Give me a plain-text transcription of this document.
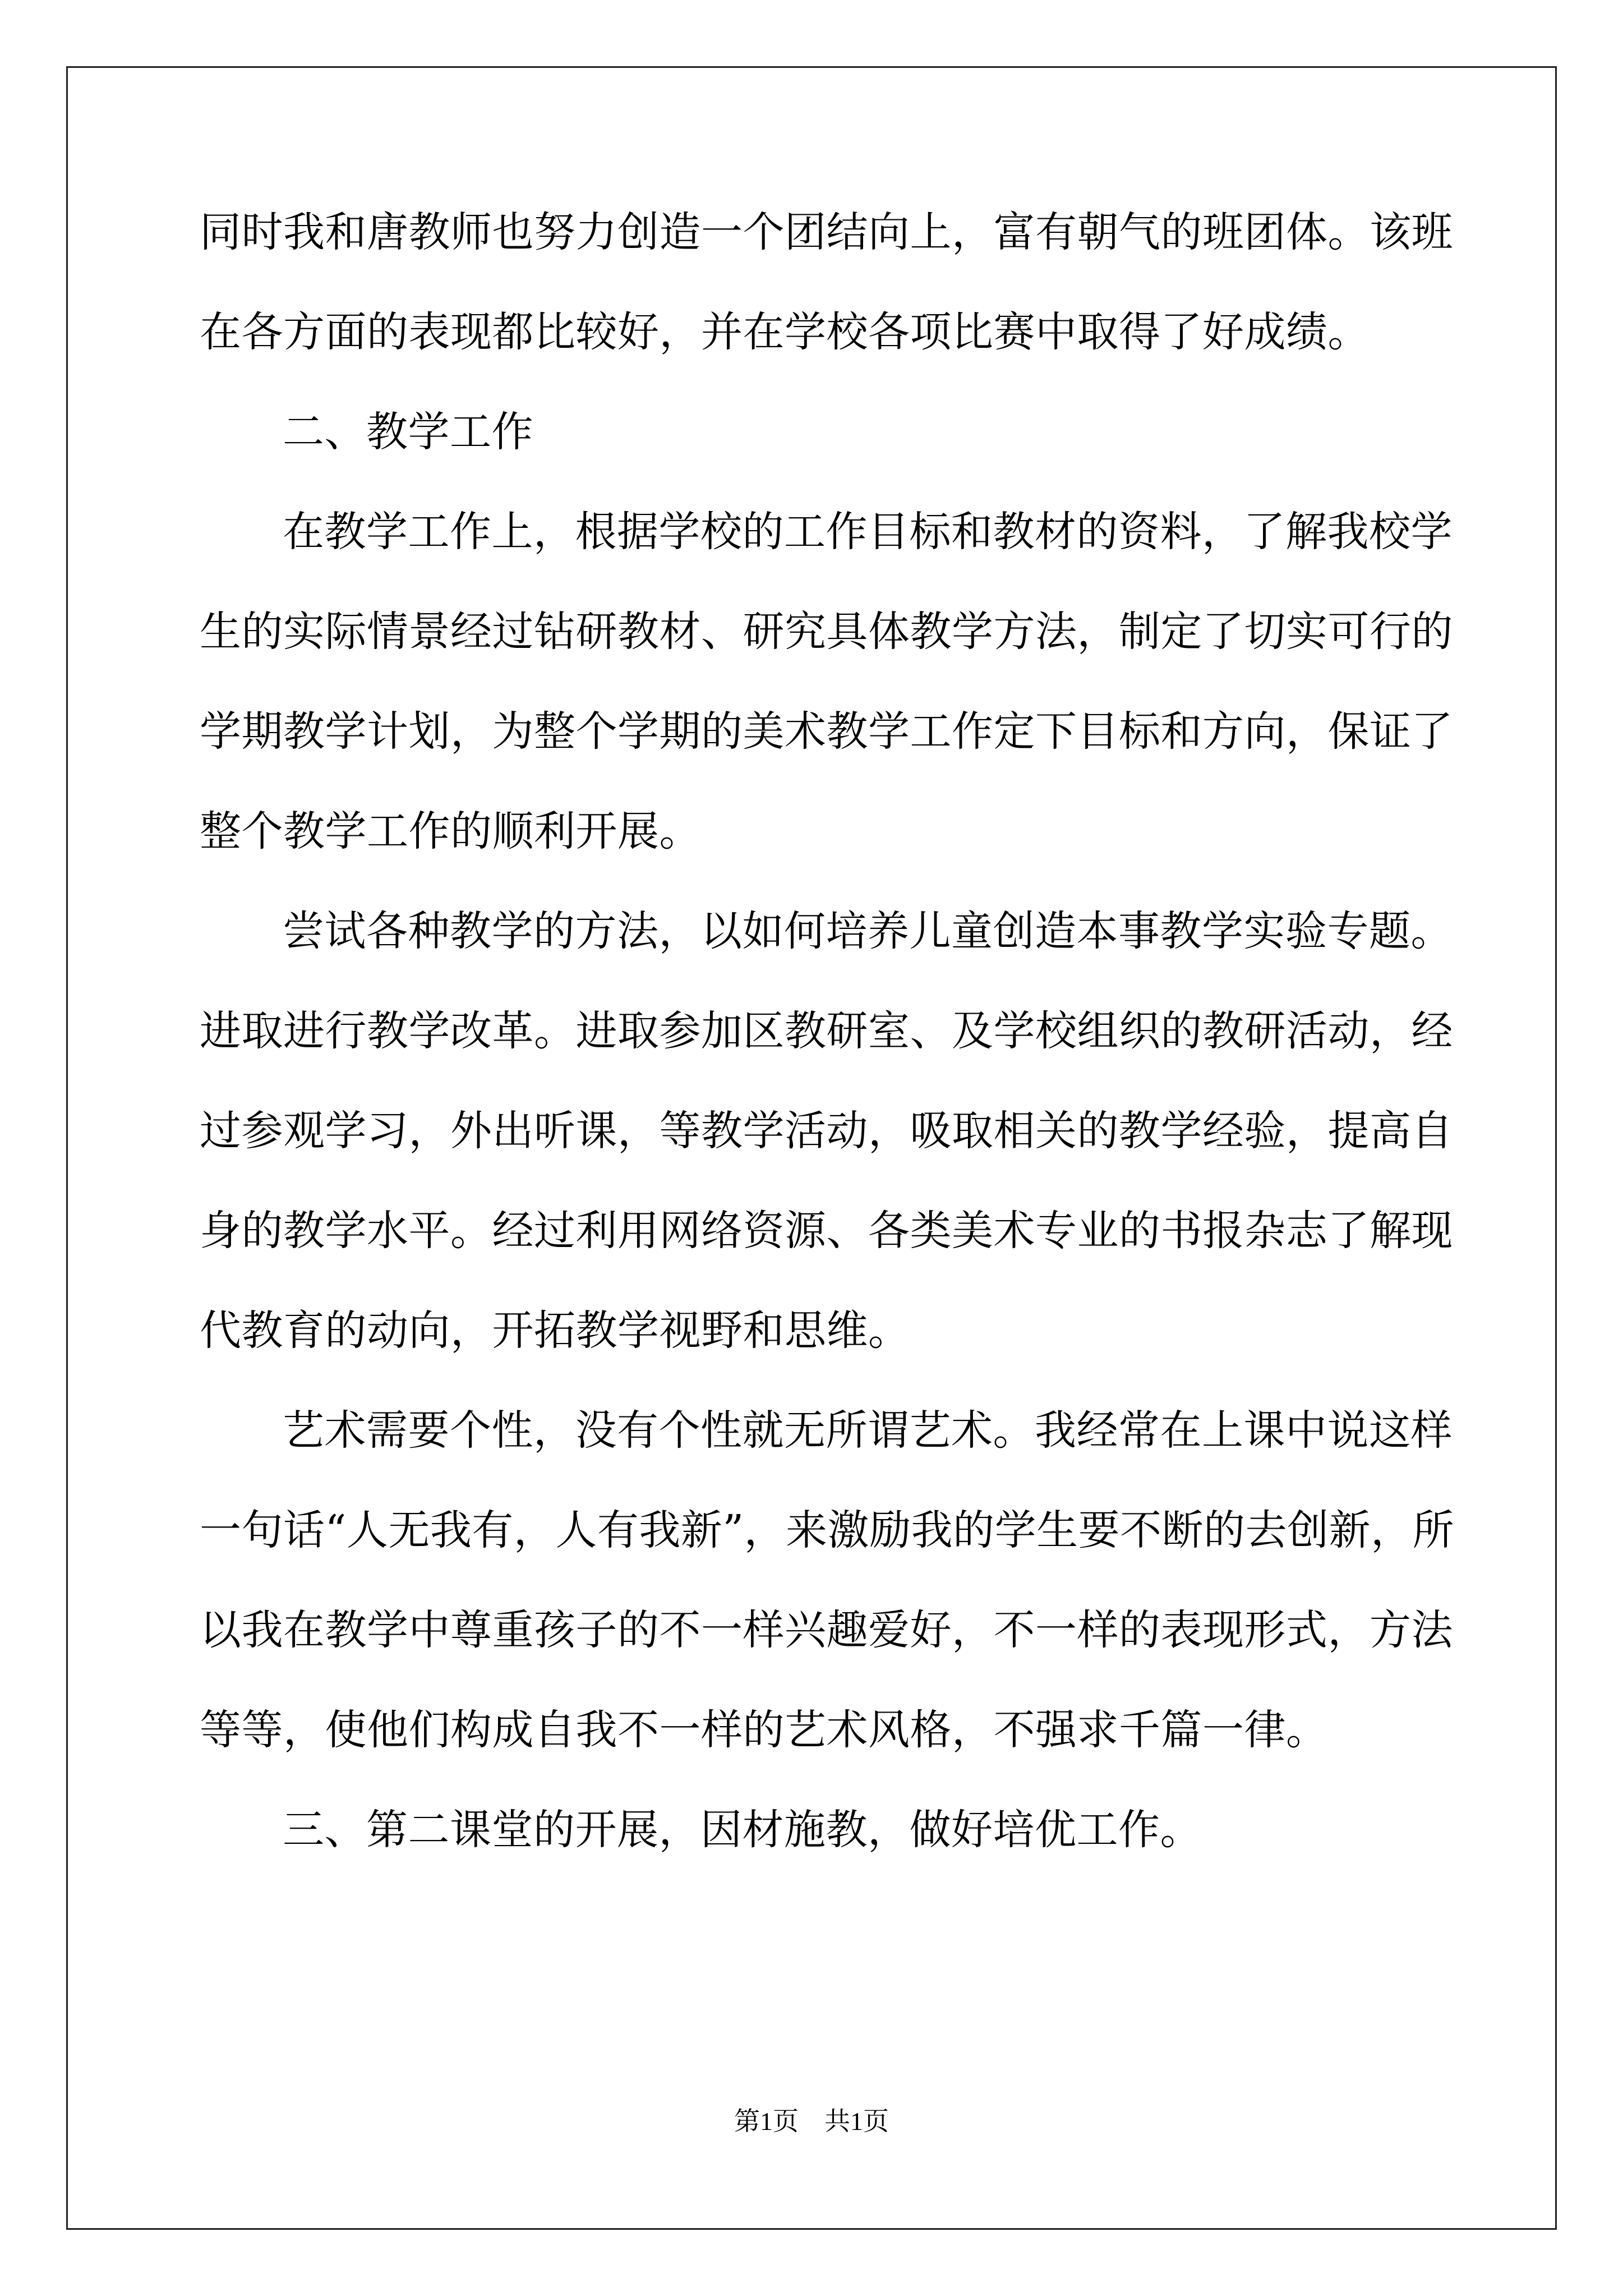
同时我和唐教师也努力创造一个团结向上，富有朝气的班团体。该班
在各方面的表现都比较好，并在学校各项比赛中取得了好成绩。
二、教学工作
在教学工作上，根据学校的工作目标和教材的资料，了解我校学
生的实际情景经过钻研教材、研究具体教学方法，制定了切实可行的
学期教学计划，为整个学期的美术教学工作定下目标和方向，保证了
整个教学工作的顺利开展。
尝试各种教学的方法，以如何培养儿童创造本事教学实验专题。
进取进行教学改革。进取参加区教研室、及学校组织的教研活动，经
过参观学习，外出听课，等教学活动，吸取相关的教学经验，提高自
身的教学水平。经过利用网络资源、各类美术专业的书报杂志了解现
代教育的动向，开拓教学视野和思维。
艺术需要个性，没有个性就无所谓艺术。我经常在上课中说这样
一句话“人无我有，人有我新”，来激励我的学生要不断的去创新，所
以我在教学中尊重孩子的不一样兴趣爱好，不一样的表现形式，方法
等等，使他们构成自我不一样的艺术风格，不强求千篇一律。
三、第二课堂的开展，因材施教，做好培优工作。
第1页 共1页
